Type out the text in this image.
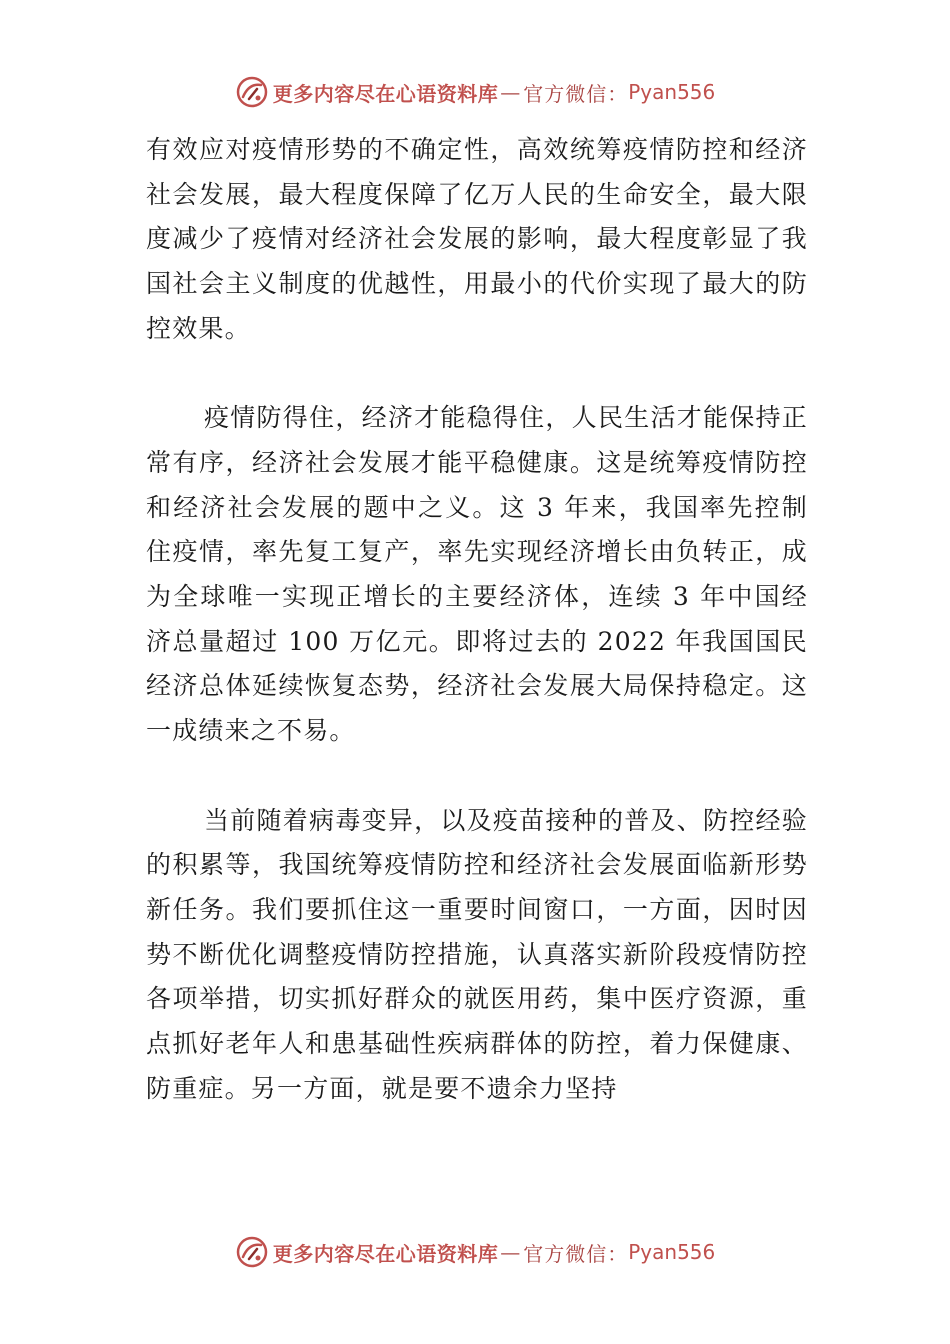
更多内容尽在心语资料库 — 官方微信： Pyan556

有效应对疫情形势的不确定性，高效统筹疫情防控和经济社会发展，最大程度保障了亿万人民的生命安全，最大限度减少了疫情对经济社会发展的影响，最大程度彰显了我国社会主义制度的优越性，用最小的代价实现了最大的防控效果。

疫情防得住，经济才能稳得住，人民生活才能保持正常有序，经济社会发展才能平稳健康。这是统筹疫情防控和经济社会发展的题中之义。这 3 年来，我国率先控制住疫情，率先复工复产，率先实现经济增长由负转正，成为全球唯一实现正增长的主要经济体，连续 3 年中国经济总量超过 100 万亿元。即将过去的 2022 年我国国民经济总体延续恢复态势，经济社会发展大局保持稳定。这一成绩来之不易。

当前随着病毒变异，以及疫苗接种的普及、防控经验的积累等，我国统筹疫情防控和经济社会发展面临新形势新任务。我们要抓住这一重要时间窗口，一方面，因时因势不断优化调整疫情防控措施，认真落实新阶段疫情防控各项举措，切实抓好群众的就医用药，集中医疗资源，重点抓好老年人和患基础性疾病群体的防控，着力保健康、防重症。另一方面，就是要不遗余力坚持

更多内容尽在心语资料库 — 官方微信： Pyan556
